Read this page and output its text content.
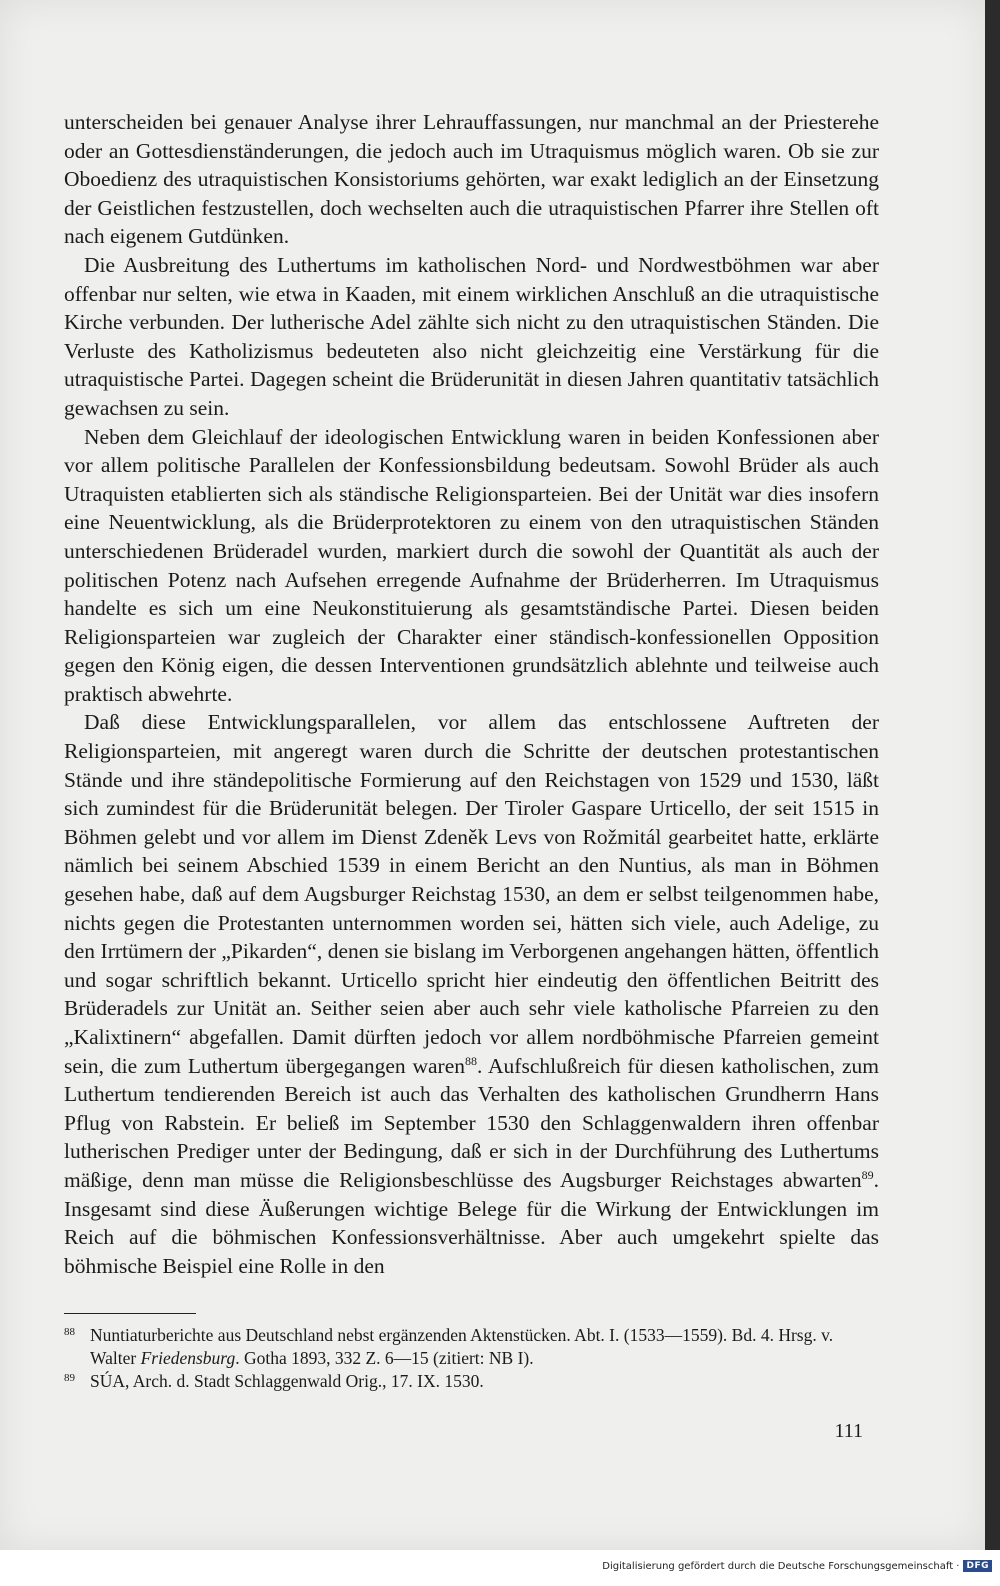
unterscheiden bei genauer Analyse ihrer Lehrauffassungen, nur manchmal an der Priesterehe oder an Gottesdienständerungen, die jedoch auch im Utraquismus möglich waren. Ob sie zur Oboedienz des utraquistischen Konsistoriums gehörten, war exakt lediglich an der Einsetzung der Geistlichen festzustellen, doch wechselten auch die utraquistischen Pfarrer ihre Stellen oft nach eigenem Gutdünken.

Die Ausbreitung des Luthertums im katholischen Nord- und Nordwestböhmen war aber offenbar nur selten, wie etwa in Kaaden, mit einem wirklichen Anschluß an die utraquistische Kirche verbunden. Der lutherische Adel zählte sich nicht zu den utraquistischen Ständen. Die Verluste des Katholizismus bedeuteten also nicht gleichzeitig eine Verstärkung für die utraquistische Partei. Dagegen scheint die Brüderunität in diesen Jahren quantitativ tatsächlich gewachsen zu sein.

Neben dem Gleichlauf der ideologischen Entwicklung waren in beiden Konfessionen aber vor allem politische Parallelen der Konfessionsbildung bedeutsam. Sowohl Brüder als auch Utraquisten etablierten sich als ständische Religionsparteien. Bei der Unität war dies insofern eine Neuentwicklung, als die Brüderprotektoren zu einem von den utraquistischen Ständen unterschiedenen Brüderadel wurden, markiert durch die sowohl der Quantität als auch der politischen Potenz nach Aufsehen erregende Aufnahme der Brüderherren. Im Utraquismus handelte es sich um eine Neukonstituierung als gesamtständische Partei. Diesen beiden Religionsparteien war zugleich der Charakter einer ständisch-konfessionellen Opposition gegen den König eigen, die dessen Interventionen grundsätzlich ablehnte und teilweise auch praktisch abwehrte.

Daß diese Entwicklungsparallelen, vor allem das entschlossene Auftreten der Religionsparteien, mit angeregt waren durch die Schritte der deutschen protestantischen Stände und ihre ständepolitische Formierung auf den Reichstagen von 1529 und 1530, läßt sich zumindest für die Brüderunität belegen. Der Tiroler Gaspare Urticello, der seit 1515 in Böhmen gelebt und vor allem im Dienst Zdeněk Levs von Rožmitál gearbeitet hatte, erklärte nämlich bei seinem Abschied 1539 in einem Bericht an den Nuntius, als man in Böhmen gesehen habe, daß auf dem Augsburger Reichstag 1530, an dem er selbst teilgenommen habe, nichts gegen die Protestanten unternommen worden sei, hätten sich viele, auch Adelige, zu den Irrtümern der „Pikarden“, denen sie bislang im Verborgenen angehangen hätten, öffentlich und sogar schriftlich bekannt. Urticello spricht hier eindeutig den öffentlichen Beitritt des Brüderadels zur Unität an. Seither seien aber auch sehr viele katholische Pfarreien zu den „Kalixtinern“ abgefallen. Damit dürften jedoch vor allem nordböhmische Pfarreien gemeint sein, die zum Luthertum übergegangen waren$^{88}$. Aufschlußreich für diesen katholischen, zum Luthertum tendierenden Bereich ist auch das Verhalten des katholischen Grundherrn Hans Pflug von Rabstein. Er beließ im September 1530 den Schlaggenwaldern ihren offenbar lutherischen Prediger unter der Bedingung, daß er sich in der Durchführung des Luthertums mäßige, denn man müsse die Religionsbeschlüsse des Augsburger Reichstages abwarten$^{89}$. Insgesamt sind diese Äußerungen wichtige Belege für die Wirkung der Entwicklungen im Reich auf die böhmischen Konfessionsverhältnisse. Aber auch umgekehrt spielte das böhmische Beispiel eine Rolle in den

88 Nuntiaturberichte aus Deutschland nebst ergänzenden Aktenstücken. Abt. I. (1533—1559). Bd. 4. Hrsg. v. Walter Friedensburg. Gotha 1893, 332 Z. 6—15 (zitiert: NB I).

89 SÚA, Arch. d. Stadt Schlaggenwald Orig., 17. IX. 1530.

111
Digitalisierung gefördert durch die Deutsche Forschungsgemeinschaft · DFG
